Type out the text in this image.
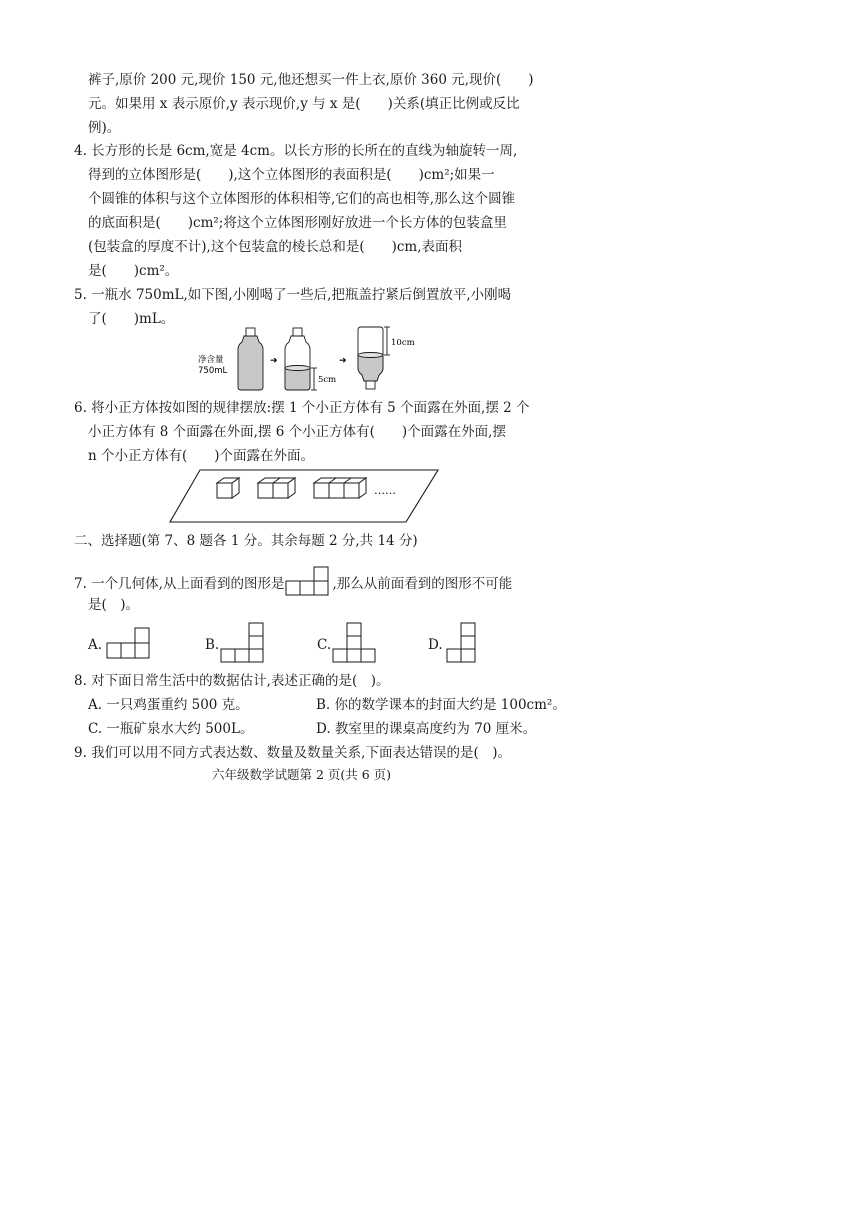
裤子,原价 200 元,现价 150 元,他还想买一件上衣,原价 360 元,现价(　　)
元。如果用 x 表示原价,y 表示现价,y 与 x 是(　　)关系(填正比例或反比
例)。
4. 长方形的长是 6cm,宽是 4cm。以长方形的长所在的直线为轴旋转一周,
得到的立体图形是(　　),这个立体图形的表面积是(　　)cm²;如果一
个圆锥的体积与这个立体图形的体积相等,它们的高也相等,那么这个圆锥
的底面积是(　　)cm²;将这个立体图形刚好放进一个长方体的包装盒里
(包装盒的厚度不计),这个包装盒的棱长总和是(　　)cm,表面积
是(　　)cm²。
5. 一瓶水 750mL,如下图,小刚喝了一些后,把瓶盖拧紧后倒置放平,小刚喝
了(　　)mL。
净含量
750mL
➜
5cm
➜
10cm
6. 将小正方体按如图的规律摆放:摆 1 个小正方体有 5 个面露在外面,摆 2 个
小正方体有 8 个面露在外面,摆 6 个小正方体有(　　)个面露在外面,摆
n 个小正方体有(　　)个面露在外面。
……
二、选择题(第 7、8 题各 1 分。其余每题 2 分,共 14 分)
7. 一个几何体,从上面看到的图形是	,那么从前面看到的图形不可能
是(　)。
A.	B.	C.	D.
8. 对下面日常生活中的数据估计,表述正确的是(　)。
A. 一只鸡蛋重约 500 克。	B. 你的数学课本的封面大约是 100cm²。
C. 一瓶矿泉水大约 500L。	D. 教室里的课桌高度约为 70 厘米。
9. 我们可以用不同方式表达数、数量及数量关系,下面表达错误的是(　)。
六年级数学试题第 2 页(共 6 页)
